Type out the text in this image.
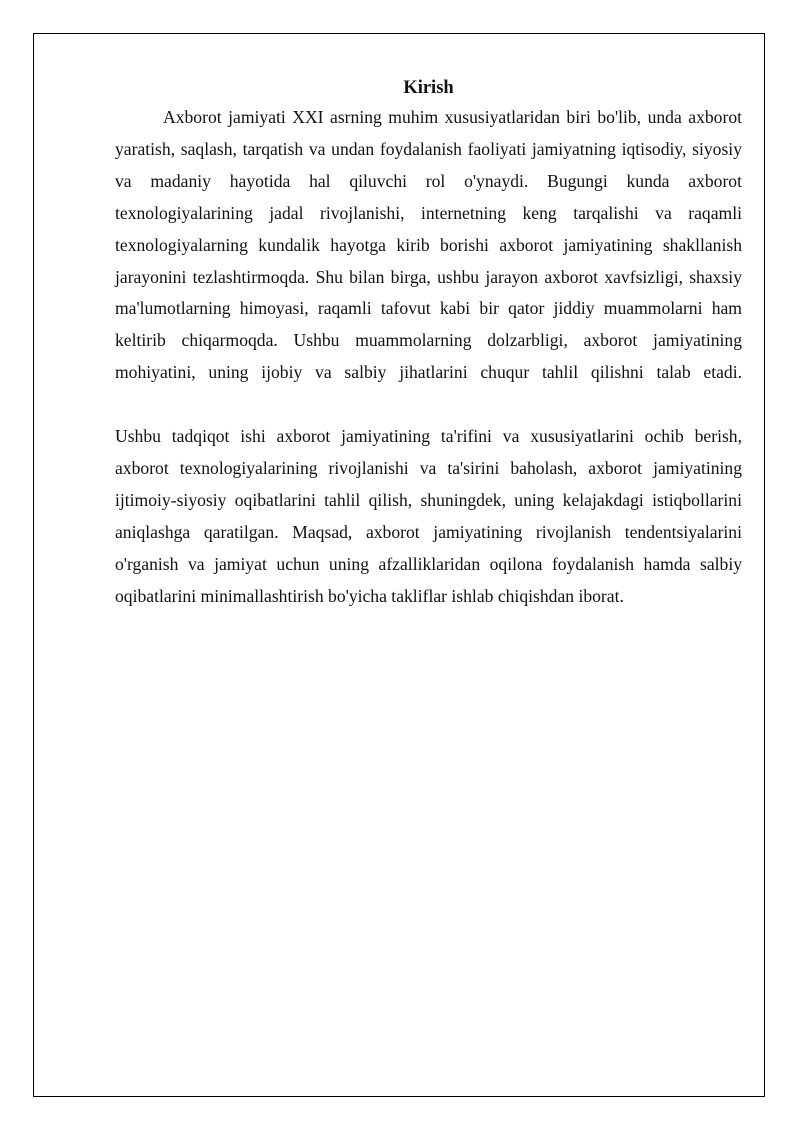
Kirish

Axborot jamiyati XXI asrning muhim xususiyatlaridan biri bo'lib, unda axborot yaratish, saqlash, tarqatish va undan foydalanish faoliyati jamiyatning iqtisodiy, siyosiy va madaniy hayotida hal qiluvchi rol o'ynaydi. Bugungi kunda axborot texnologiyalarining jadal rivojlanishi, internetning keng tarqalishi va raqamli texnologiyalarning kundalik hayotga kirib borishi axborot jamiyatining shakllanish jarayonini tezlashtirmoqda. Shu bilan birga, ushbu jarayon axborot xavfsizligi, shaxsiy ma'lumotlarning himoyasi, raqamli tafovut kabi bir qator jiddiy muammolarni ham keltirib chiqarmoqda. Ushbu muammolarning dolzarbligi, axborot jamiyatining mohiyatini, uning ijobiy va salbiy jihatlarini chuqur tahlil qilishni talab etadi.

Ushbu tadqiqot ishi axborot jamiyatining ta'rifini va xususiyatlarini ochib berish, axborot texnologiyalarining rivojlanishi va ta'sirini baholash, axborot jamiyatining ijtimoiy-siyosiy oqibatlarini tahlil qilish, shuningdek, uning kelajakdagi istiqbollarini aniqlashga qaratilgan. Maqsad, axborot jamiyatining rivojlanish tendentsiyalarini o'rganish va jamiyat uchun uning afzalliklaridan oqilona foydalanish hamda salbiy oqibatlarini minimallashtirish bo'yicha takliflar ishlab chiqishdan iborat.
